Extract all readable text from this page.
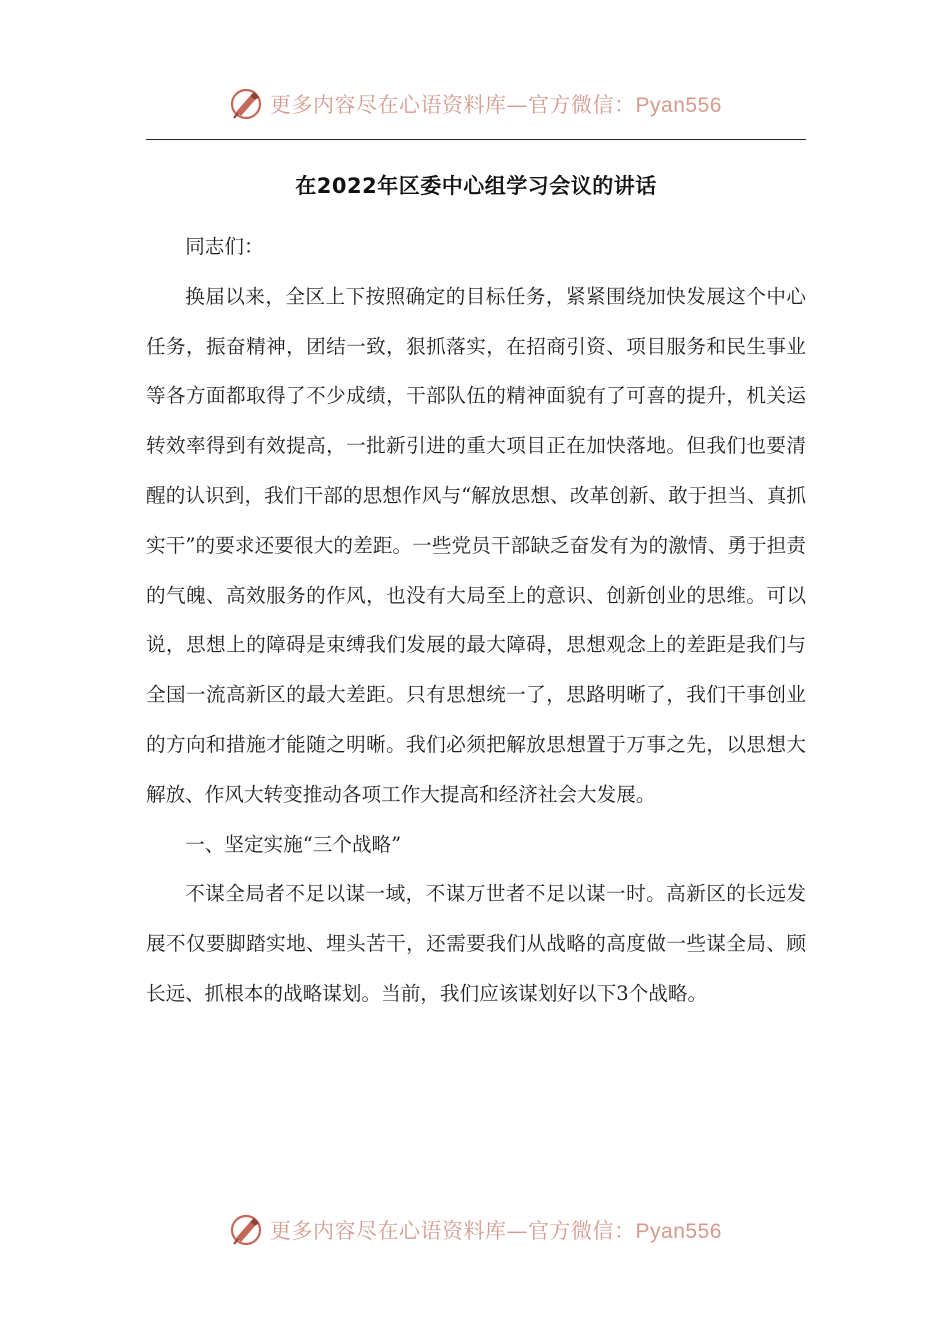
更多内容尽在心语资料库—官方微信：Pyan556
在2022年区委中心组学习会议的讲话

同志们：

换届以来，全区上下按照确定的目标任务，紧紧围绕加快发展这个中心任务，振奋精神，团结一致，狠抓落实，在招商引资、项目服务和民生事业等各方面都取得了不少成绩，干部队伍的精神面貌有了可喜的提升，机关运转效率得到有效提高，一批新引进的重大项目正在加快落地。但我们也要清醒的认识到，我们干部的思想作风与“解放思想、改革创新、敢于担当、真抓实干”的要求还要很大的差距。一些党员干部缺乏奋发有为的激情、勇于担责的气魄、高效服务的作风，也没有大局至上的意识、创新创业的思维。可以说，思想上的障碍是束缚我们发展的最大障碍，思想观念上的差距是我们与全国一流高新区的最大差距。只有思想统一了，思路明晰了，我们干事创业的方向和措施才能随之明晰。我们必须把解放思想置于万事之先，以思想大解放、作风大转变推动各项工作大提高和经济社会大发展。

一、坚定实施“三个战略”

不谋全局者不足以谋一域，不谋万世者不足以谋一时。高新区的长远发展不仅要脚踏实地、埋头苦干，还需要我们从战略的高度做一些谋全局、顾长远、抓根本的战略谋划。当前，我们应该谋划好以下3个战略。

更多内容尽在心语资料库—官方微信：Pyan556
